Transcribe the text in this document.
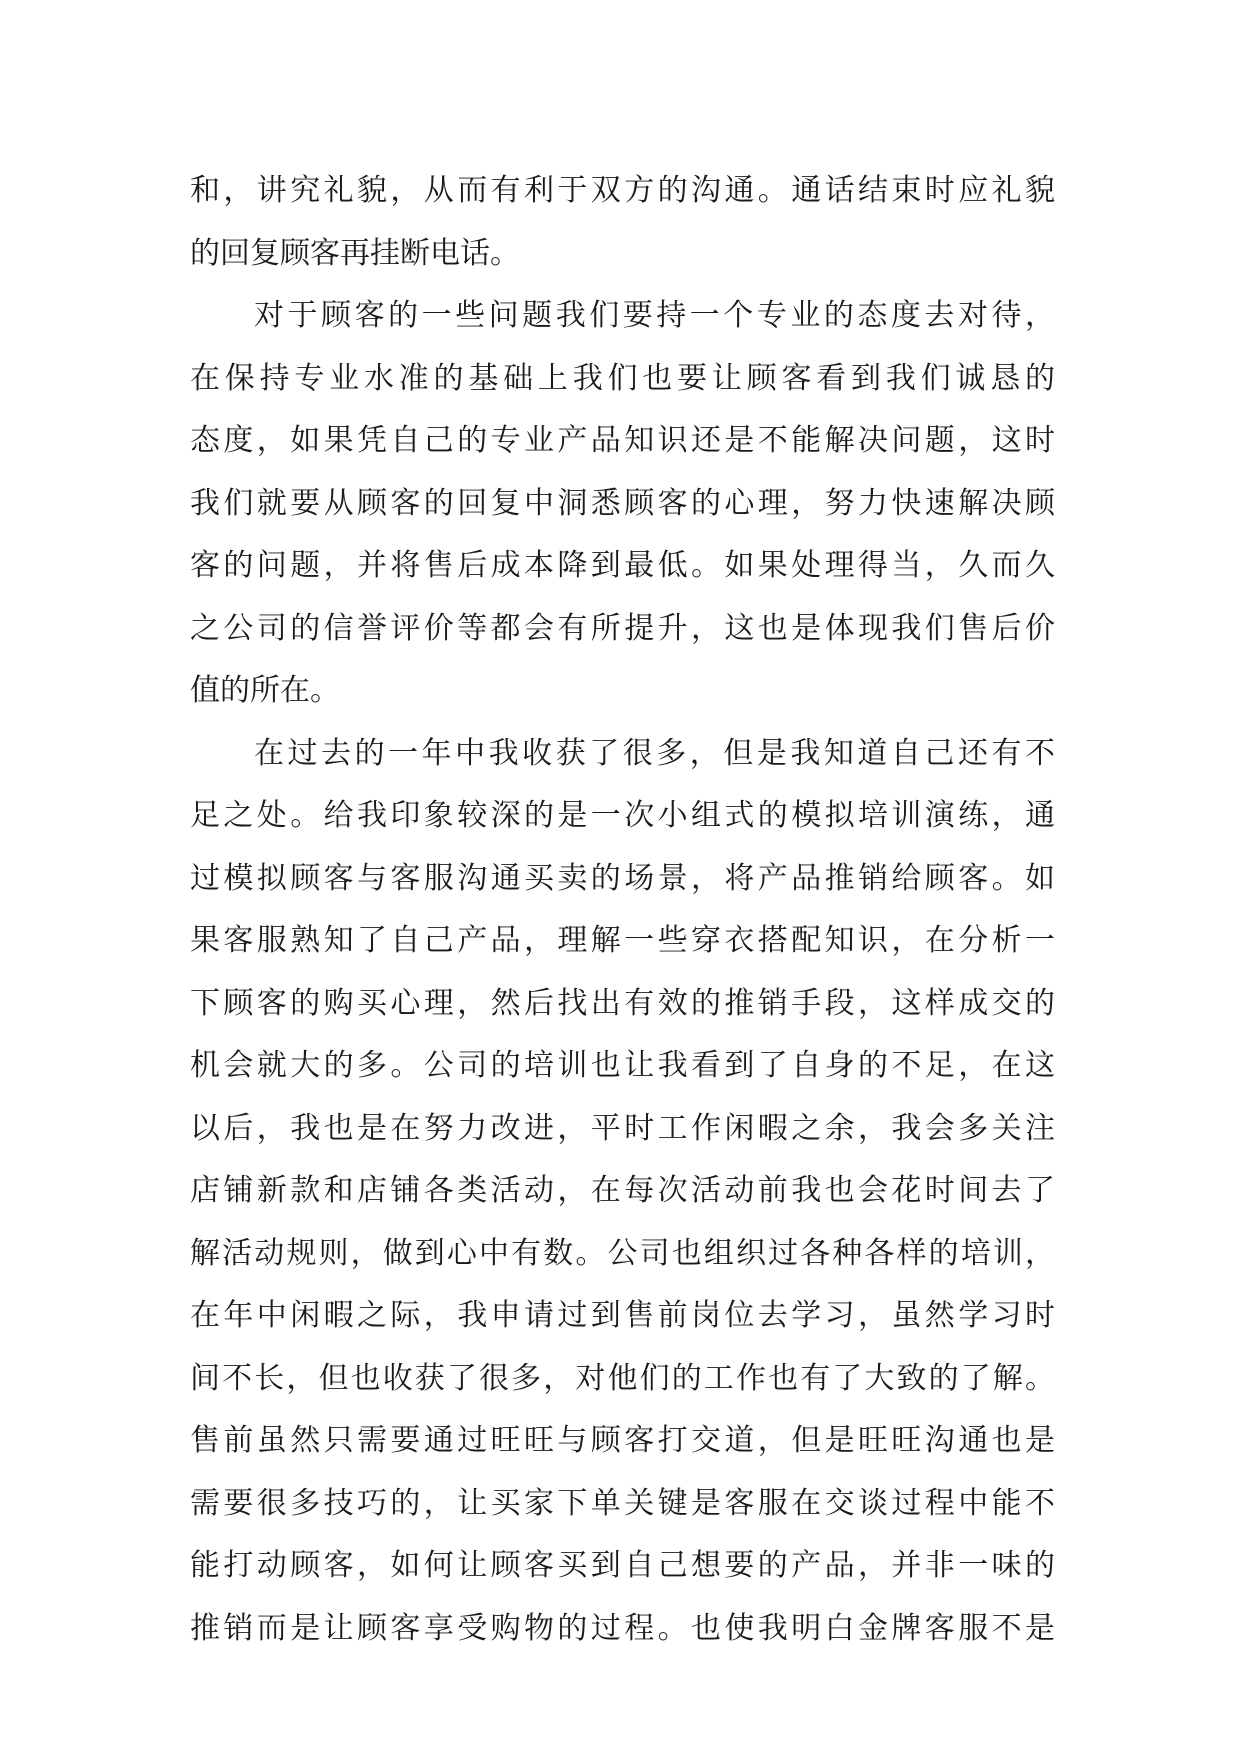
和，讲究礼貌，从而有利于双方的沟通。通话结束时应礼貌
的回复顾客再挂断电话。
对于顾客的一些问题我们要持一个专业的态度去对待，
在保持专业水准的基础上我们也要让顾客看到我们诚恳的
态度，如果凭自己的专业产品知识还是不能解决问题，这时
我们就要从顾客的回复中洞悉顾客的心理，努力快速解决顾
客的问题，并将售后成本降到最低。如果处理得当，久而久
之公司的信誉评价等都会有所提升，这也是体现我们售后价
值的所在。
在过去的一年中我收获了很多，但是我知道自己还有不
足之处。给我印象较深的是一次小组式的模拟培训演练，通
过模拟顾客与客服沟通买卖的场景，将产品推销给顾客。如
果客服熟知了自己产品，理解一些穿衣搭配知识，在分析一
下顾客的购买心理，然后找出有效的推销手段，这样成交的
机会就大的多。公司的培训也让我看到了自身的不足，在这
以后，我也是在努力改进，平时工作闲暇之余，我会多关注
店铺新款和店铺各类活动，在每次活动前我也会花时间去了
解活动规则，做到心中有数。公司也组织过各种各样的培训，
在年中闲暇之际，我申请过到售前岗位去学习，虽然学习时
间不长，但也收获了很多，对他们的工作也有了大致的了解。
售前虽然只需要通过旺旺与顾客打交道，但是旺旺沟通也是
需要很多技巧的，让买家下单关键是客服在交谈过程中能不
能打动顾客，如何让顾客买到自己想要的产品，并非一味的
推销而是让顾客享受购物的过程。也使我明白金牌客服不是
